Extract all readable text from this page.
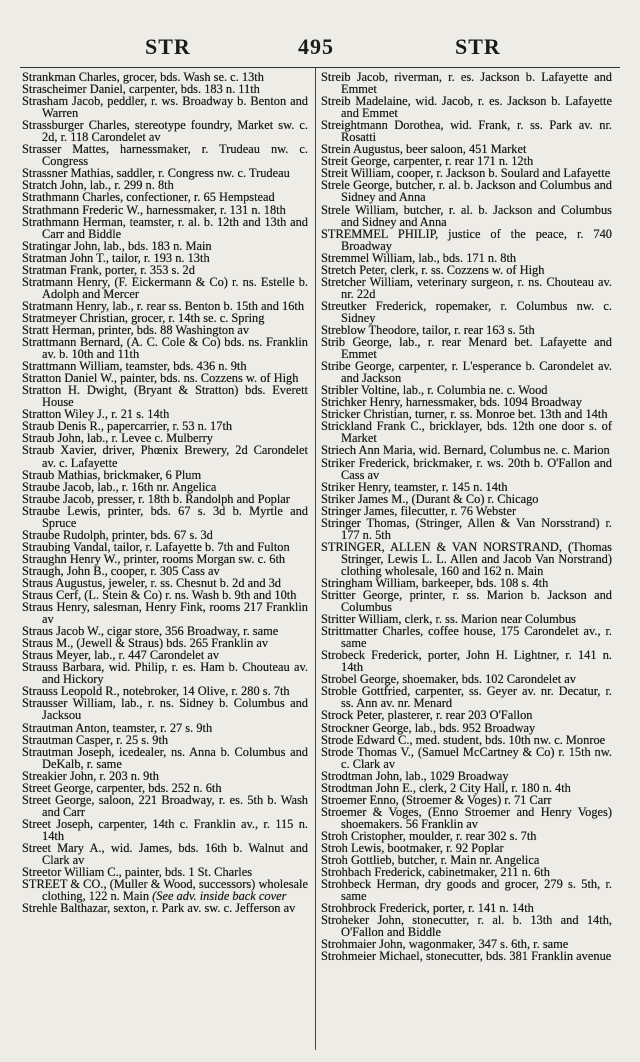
STR	495	STR

Strankman Charles, grocer, bds. Wash se. c. 13th

Strascheimer Daniel, carpenter, bds. 183 n. 11th

Strasham Jacob, peddler, r. ws. Broadway b. Benton and Warren

Strassburger Charles, stereotype foundry, Market sw. c. 2d, r. 118 Carondelet av

Strasser Mattes, harnessmaker, r. Trudeau nw. c. Congress

Strassner Mathias, saddler, r. Congress nw. c. Trudeau

Stratch John, lab., r. 299 n. 8th

Strathmann Charles, confectioner, r. 65 Hempstead

Strathmann Frederic W., harnessmaker, r. 131 n. 18th

Strathmann Herman, teamster, r. al. b. 12th and 13th and Carr and Biddle

Stratingar John, lab., bds. 183 n. Main

Stratman John T., tailor, r. 193 n. 13th

Stratman Frank, porter, r. 353 s. 2d

Stratmann Henry, (F. Eickermann & Co) r. ns. Estelle b. Adolph and Mercer

Stratmann Henry, lab., r. rear ss. Benton b. 15th and 16th

Stratmeyer Christian, grocer, r. 14th se. c. Spring

Stratt Herman, printer, bds. 88 Washington av

Strattmann Bernard, (A. C. Cole & Co) bds. ns. Franklin av. b. 10th and 11th

Strattmann William, teamster, bds. 436 n. 9th

Stratton Daniel W., painter, bds. ns. Cozzens w. of High

Stratton H. Dwight, (Bryant & Stratton) bds. Everett House

Stratton Wiley J., r. 21 s. 14th

Straub Denis R., papercarrier, r. 53 n. 17th

Straub John, lab., r. Levee c. Mulberry

Straub Xavier, driver, Phœnix Brewery, 2d Carondelet av. c. Lafayette

Straub Mathias, brickmaker, 6 Plum

Straube Jacob, lab., r. 16th nr. Angelica

Straube Jacob, presser, r. 18th b. Randolph and Poplar

Straube Lewis, printer, bds. 67 s. 3d b. Myrtle and Spruce

Straube Rudolph, printer, bds. 67 s. 3d

Straubing Vandal, tailor, r. Lafayette b. 7th and Fulton

Straughn Henry W., printer, rooms Morgan sw. c. 6th

Straugh, John B., cooper, r. 305 Cass av

Straus Augustus, jeweler, r. ss. Chesnut b. 2d and 3d

Straus Cerf, (L. Stein & Co) r. ns. Wash b. 9th and 10th

Straus Henry, salesman, Henry Fink, rooms 217 Franklin av

Straus Jacob W., cigar store, 356 Broadway, r. same

Straus M., (Jewell & Straus) bds. 265 Franklin av

Straus Meyer, lab., r. 447 Carondelet av

Strauss Barbara, wid. Philip, r. es. Ham b. Chouteau av. and Hickory

Strauss Leopold R., notebroker, 14 Olive, r. 280 s. 7th

Strausser William, lab., r. ns. Sidney b. Columbus and Jacksou

Strautman Anton, teamster, r. 27 s. 9th

Strautman Casper, r. 25 s. 9th

Strautman Joseph, icedealer, ns. Anna b. Columbus and DeKalb, r. same

Streakier John, r. 203 n. 9th

Street George, carpenter, bds. 252 n. 6th

Street George, saloon, 221 Broadway, r. es. 5th b. Wash and Carr

Street Joseph, carpenter, 14th c. Franklin av., r. 115 n. 14th

Street Mary A., wid. James, bds. 16th b. Walnut and Clark av

Streetor William C., painter, bds. 1 St. Charles

STREET & CO., (Muller & Wood, successors) wholesale clothing, 122 n. Main (See adv. inside back cover

Strehle Balthazar, sexton, r. Park av. sw. c. Jefferson av

Streib Jacob, riverman, r. es. Jackson b. Lafayette and Emmet

Streib Madelaine, wid. Jacob, r. es. Jackson b. Lafayette and Emmet

Streightmann Dorothea, wid. Frank, r. ss. Park av. nr. Rosatti

Strein Augustus, beer saloon, 451 Market

Streit George, carpenter, r. rear 171 n. 12th

Streit William, cooper, r. Jackson b. Soulard and Lafayette

Strele George, butcher, r. al. b. Jackson and Columbus and Sidney and Anna

Strele William, butcher, r. al. b. Jackson and Columbus and Sidney and Anna

STREMMEL PHILIP, justice of the peace, r. 740 Broadway

Stremmel William, lab., bds. 171 n. 8th

Stretch Peter, clerk, r. ss. Cozzens w. of High

Stretcher William, veterinary surgeon, r. ns. Chouteau av. nr. 22d

Streutker Frederick, ropemaker, r. Columbus nw. c. Sidney

Streblow Theodore, tailor, r. rear 163 s. 5th

Strib George, lab., r. rear Menard bet. Lafayette and Emmet

Stribe George, carpenter, r. L'esperance b. Carondelet av. and Jackson

Stribler Voltine, lab., r. Columbia ne. c. Wood

Strichker Henry, harnessmaker, bds. 1094 Broadway

Stricker Christian, turner, r. ss. Monroe bet. 13th and 14th

Strickland Frank C., bricklayer, bds. 12th one door s. of Market

Striech Ann Maria, wid. Bernard, Columbus ne. c. Marion

Striker Frederick, brickmaker, r. ws. 20th b. O'Fallon and Cass av

Striker Henry, teamster, r. 145 n. 14th

Striker James M., (Durant & Co) r. Chicago

Stringer James, filecutter, r. 76 Webster

Stringer Thomas, (Stringer, Allen & Van Norsstrand) r. 177 n. 5th

STRINGER, ALLEN & VAN NORSTRAND, (Thomas Stringer, Lewis L. L. Allen and Jacob Van Norstrand) clothing wholesale, 160 and 162 n. Main

Stringham William, barkeeper, bds. 108 s. 4th

Stritter George, printer, r. ss. Marion b. Jackson and Columbus

Stritter William, clerk, r. ss. Marion near Columbus

Strittmatter Charles, coffee house, 175 Carondelet av., r. same

Strobeck Frederick, porter, John H. Lightner, r. 141 n. 14th

Strobel George, shoemaker, bds. 102 Carondelet av

Stroble Gottfried, carpenter, ss. Geyer av. nr. Decatur, r. ss. Ann av. nr. Menard

Strock Peter, plasterer, r. rear 203 O'Fallon

Strockner George, lab., bds. 952 Broadway

Strode Edward C., med. student, bds. 10th nw. c. Monroe

Strode Thomas V., (Samuel McCartney & Co) r. 15th nw. c. Clark av

Strodtman John, lab., 1029 Broadway

Strodtman John E., clerk, 2 City Hall, r. 180 n. 4th

Stroemer Enno, (Stroemer & Voges) r. 71 Carr

Stroemer & Voges, (Enno Stroemer and Henry Voges) shoemakers. 56 Franklin av

Stroh Cristopher, moulder, r. rear 302 s. 7th

Stroh Lewis, bootmaker, r. 92 Poplar

Stroh Gottlieb, butcher, r. Main nr. Angelica

Strohbach Frederick, cabinetmaker, 211 n. 6th

Strohbeck Herman, dry goods and grocer, 279 s. 5th, r. same

Strohbrock Frederick, porter, r. 141 n. 14th

Stroheker John, stonecutter, r. al. b. 13th and 14th, O'Fallon and Biddle

Strohmaier John, wagonmaker, 347 s. 6th, r. same

Strohmeier Michael, stonecutter, bds. 381 Franklin avenue
